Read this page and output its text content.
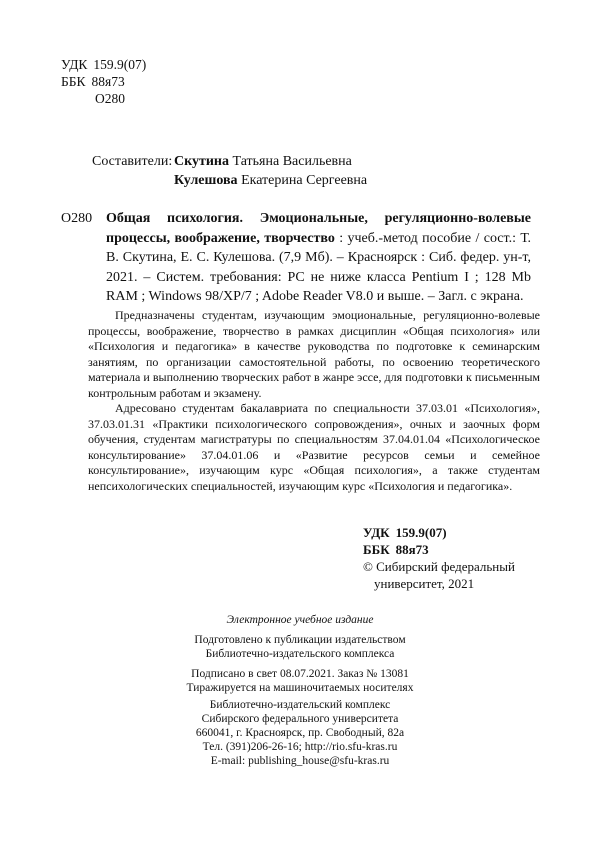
УДК 159.9(07)
ББК 88я73
О280
Составители: Скутина Татьяна Васильевна
Кулешова Екатерина Сергеевна
О280 Общая психология. Эмоциональные, регуляционно-волевые процессы, воображение, творчество : учеб.-метод пособие / сост.: Т. В. Скутина, Е. С. Кулешова. (7,9 Мб). – Красноярск : Сиб. федер. ун-т, 2021. – Систем. требования: PC не ниже класса Pentium I ; 128 Mb RAM ; Windows 98/XP/7 ; Adobe Reader V8.0 и выше. – Загл. с экрана.

Предназначены студентам, изучающим эмоциональные, регуляционно-волевые процессы, воображение, творчество в рамках дисциплин «Общая психология» или «Психология и педагогика» в качестве руководства по подготовке к семинарским занятиям, по организации самостоятельной работы, по освоению теоретического материала и выполнению творческих работ в жанре эссе, для подготовки к письменным контрольным работам и экзамену.

Адресовано студентам бакалавриата по специальности 37.03.01 «Психология», 37.03.01.31 «Практики психологического сопровождения», очных и заочных форм обучения, студентам магистратуры по специальностям 37.04.01.04 «Психологическое консультирование» 37.04.01.06 и «Развитие ресурсов семьи и семейное консультирование», изучающим курс «Общая психология», а также студентам непсихологических специальностей, изучающим курс «Психология и педагогика».

УДК 159.9(07)
ББК 88я73
© Сибирский федеральный
университет, 2021
Электронное учебное издание
Подготовлено к публикации издательством
Библиотечно-издательского комплекса
Подписано в свет 08.07.2021. Заказ № 13081
Тиражируется на машиночитаемых носителях
Библиотечно-издательский комплекс
Сибирского федерального университета
660041, г. Красноярск, пр. Свободный, 82а
Тел. (391)206-26-16; http://rio.sfu-kras.ru
E-mail: publishing_house@sfu-kras.ru
